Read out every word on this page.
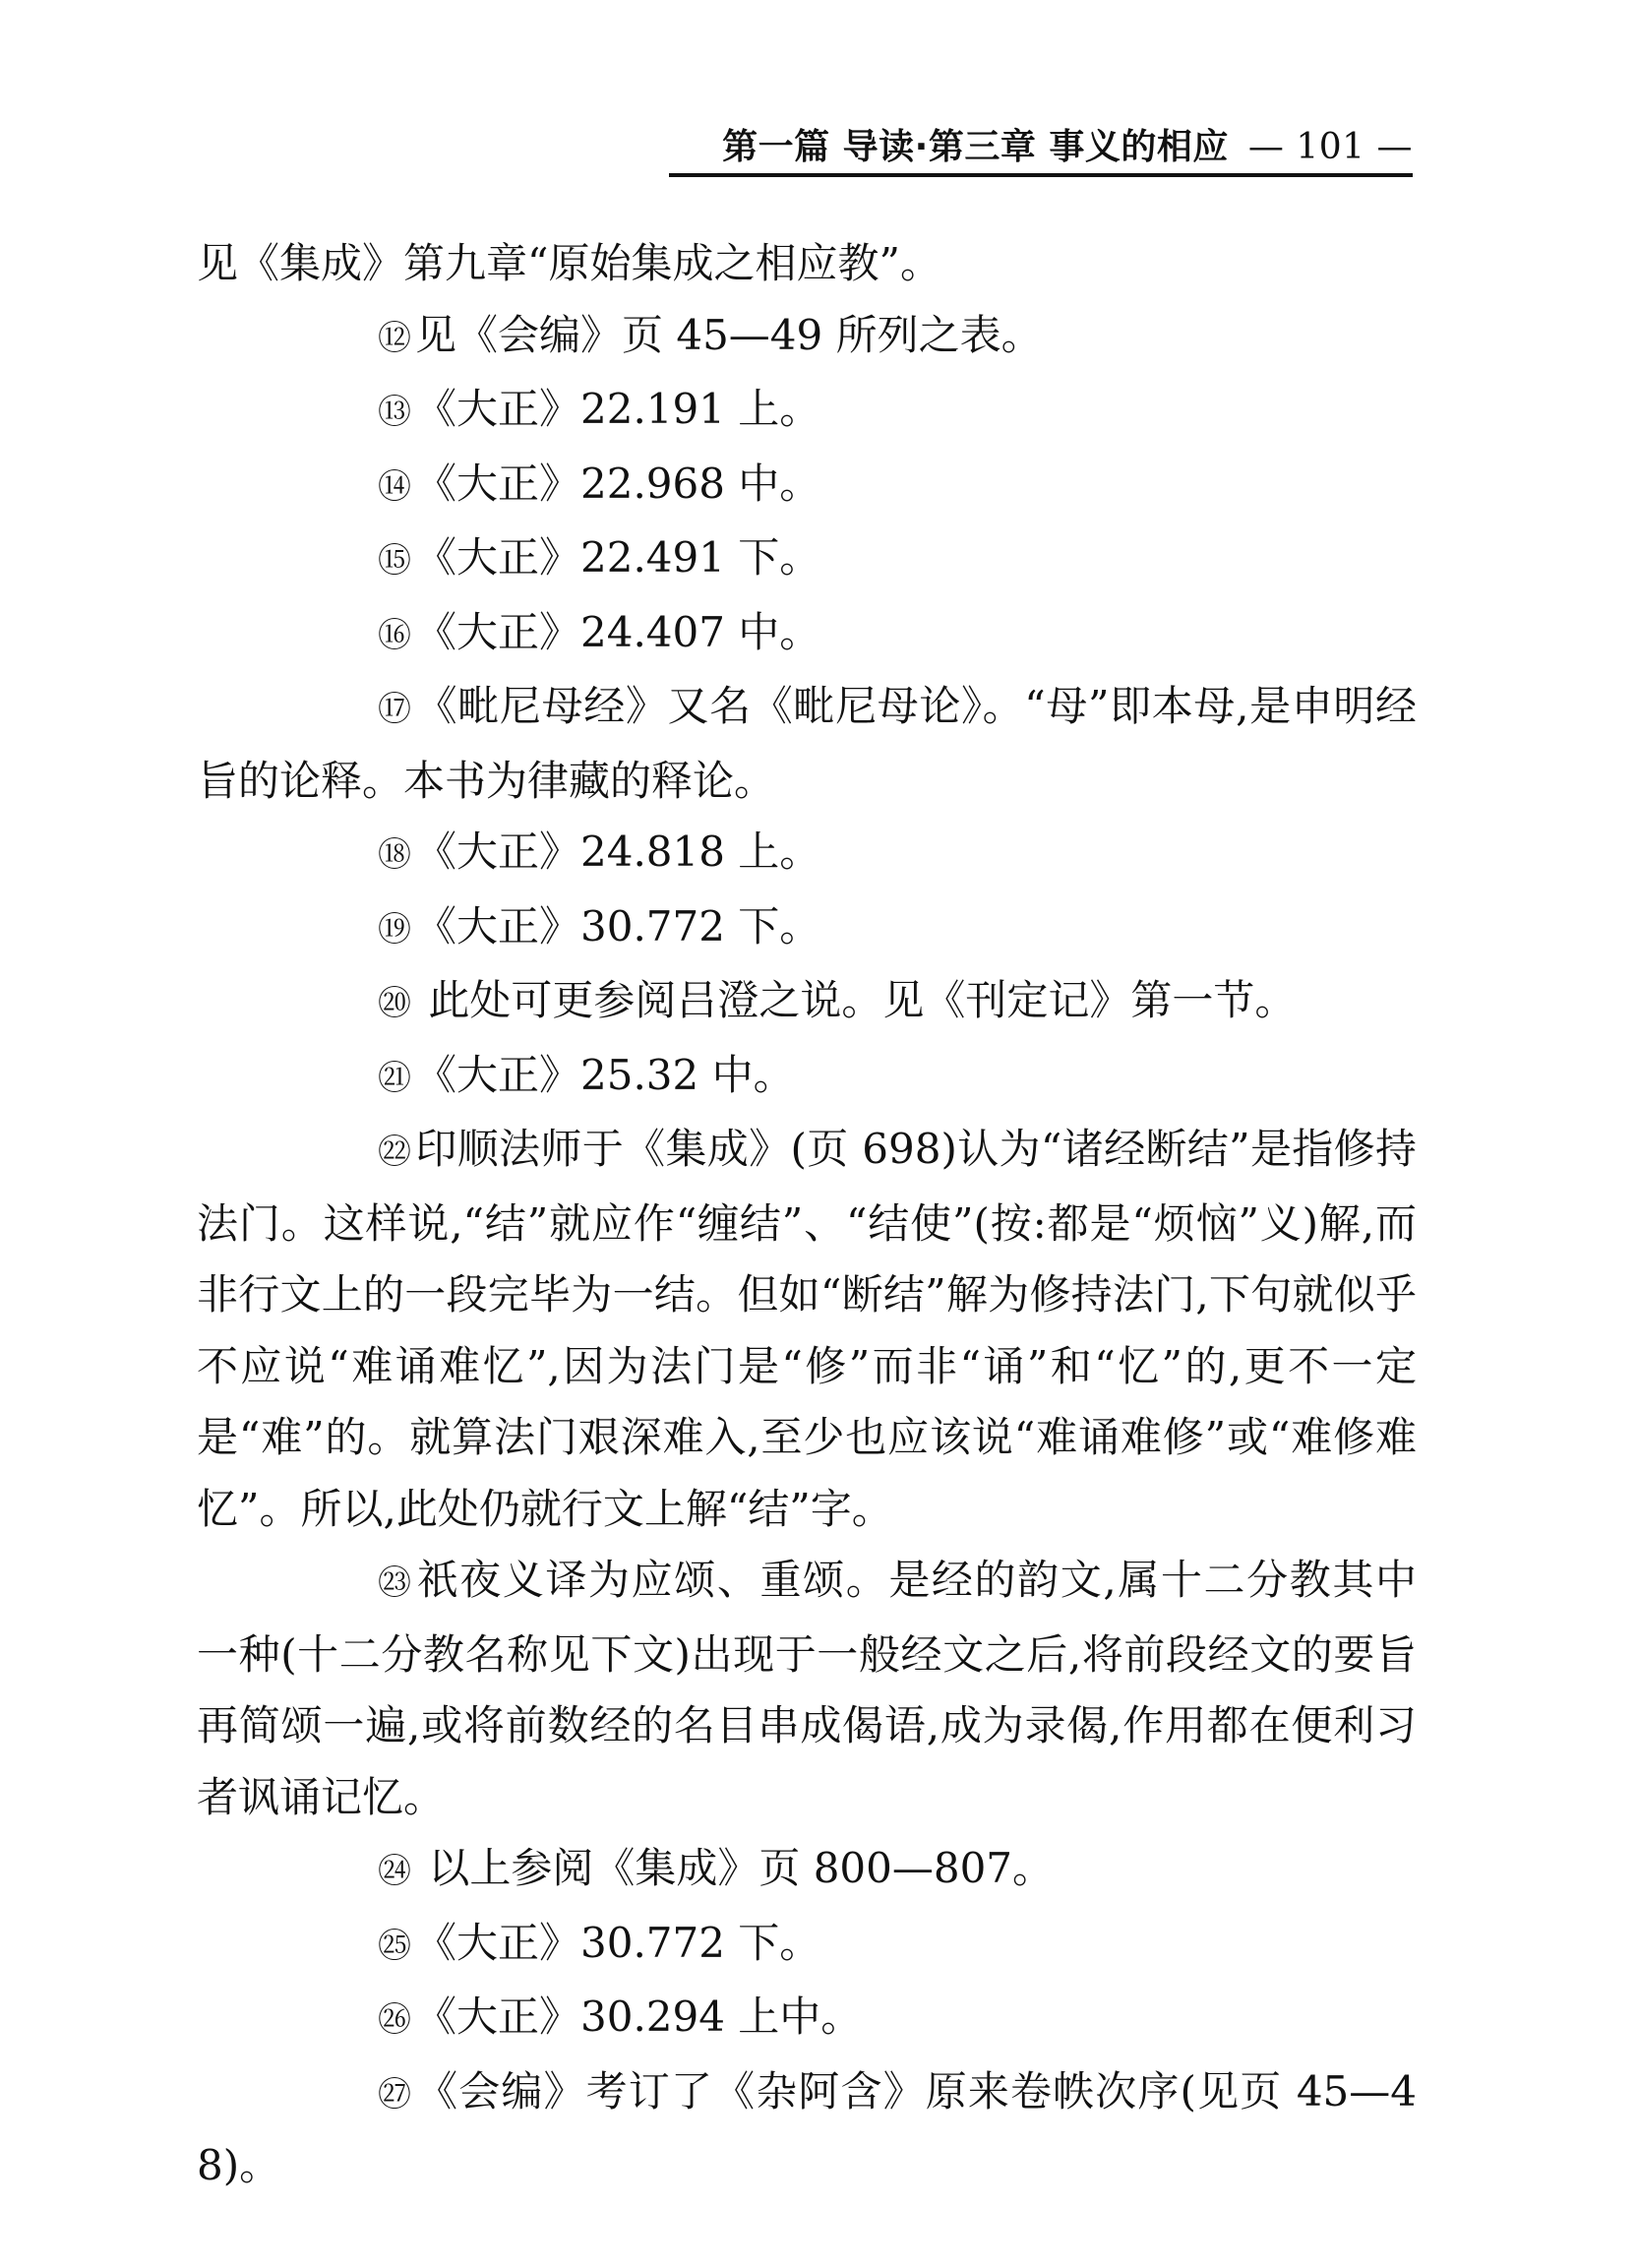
第一篇 导读·第三章 事义的相应 — 101 —

见《集成》第九章“原始集成之相应教”。

⑫见《会编》页 45—49 所列之表。

⑬《大正》22.191 上。

⑭《大正》22.968 中。

⑮《大正》22.491 下。

⑯《大正》24.407 中。

⑰《毗尼母经》又名《毗尼母论》。“母”即本母,是申明经旨的论释。本书为律藏的释论。

⑱《大正》24.818 上。

⑲《大正》30.772 下。

⑳ 此处可更参阅吕澄之说。见《刊定记》第一节。

㉑《大正》25.32 中。

㉒印顺法师于《集成》(页 698)认为“诸经断结”是指修持法门。这样说,“结”就应作“缠结”、“结使”(按:都是“烦恼”义)解,而非行文上的一段完毕为一结。但如“断结”解为修持法门,下句就似乎不应说“难诵难忆”,因为法门是“修”而非“诵”和“忆”的,更不一定是“难”的。就算法门艰深难入,至少也应该说“难诵难修”或“难修难忆”。所以,此处仍就行文上解“结”字。

㉓祇夜义译为应颂、重颂。是经的韵文,属十二分教其中一种(十二分教名称见下文)出现于一般经文之后,将前段经文的要旨再简颂一遍,或将前数经的名目串成偈语,成为录偈,作用都在便利习者讽诵记忆。

㉔ 以上参阅《集成》页 800—807。

㉕《大正》30.772 下。

㉖《大正》30.294 上中。

㉗《会编》考订了《杂阿含》原来卷帙次序(见页 45—48)。
